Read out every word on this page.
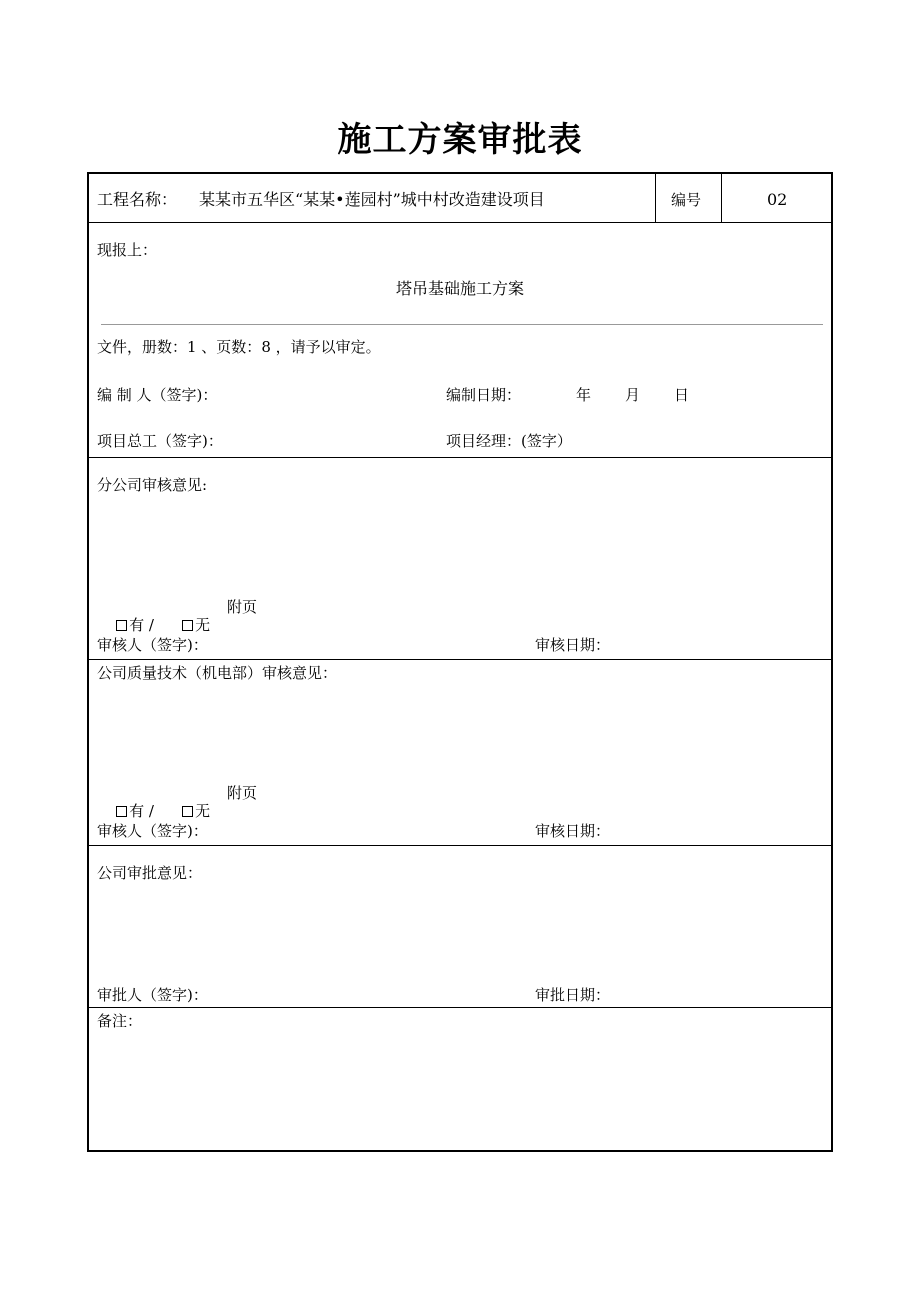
施工方案审批表
工程名称： 某某市五华区“某某•莲园村”城中村改造建设项目	编号	02
现报上：
塔吊基础施工方案
文件，册数：1 、页数：8 ，请予以审定。
编 制 人（签字)：	编制日期：	年 月 日
项目总工（签字)：	项目经理：(签字）
分公司审核意见:

有 /
	无

附页
审核人（签字)：	审核日期：
公司质量技术（机电部）审核意见：

有 /
	无

附页
审核人（签字)：	审核日期：
公司审批意见：
审批人（签字)：	审批日期：
备注：
